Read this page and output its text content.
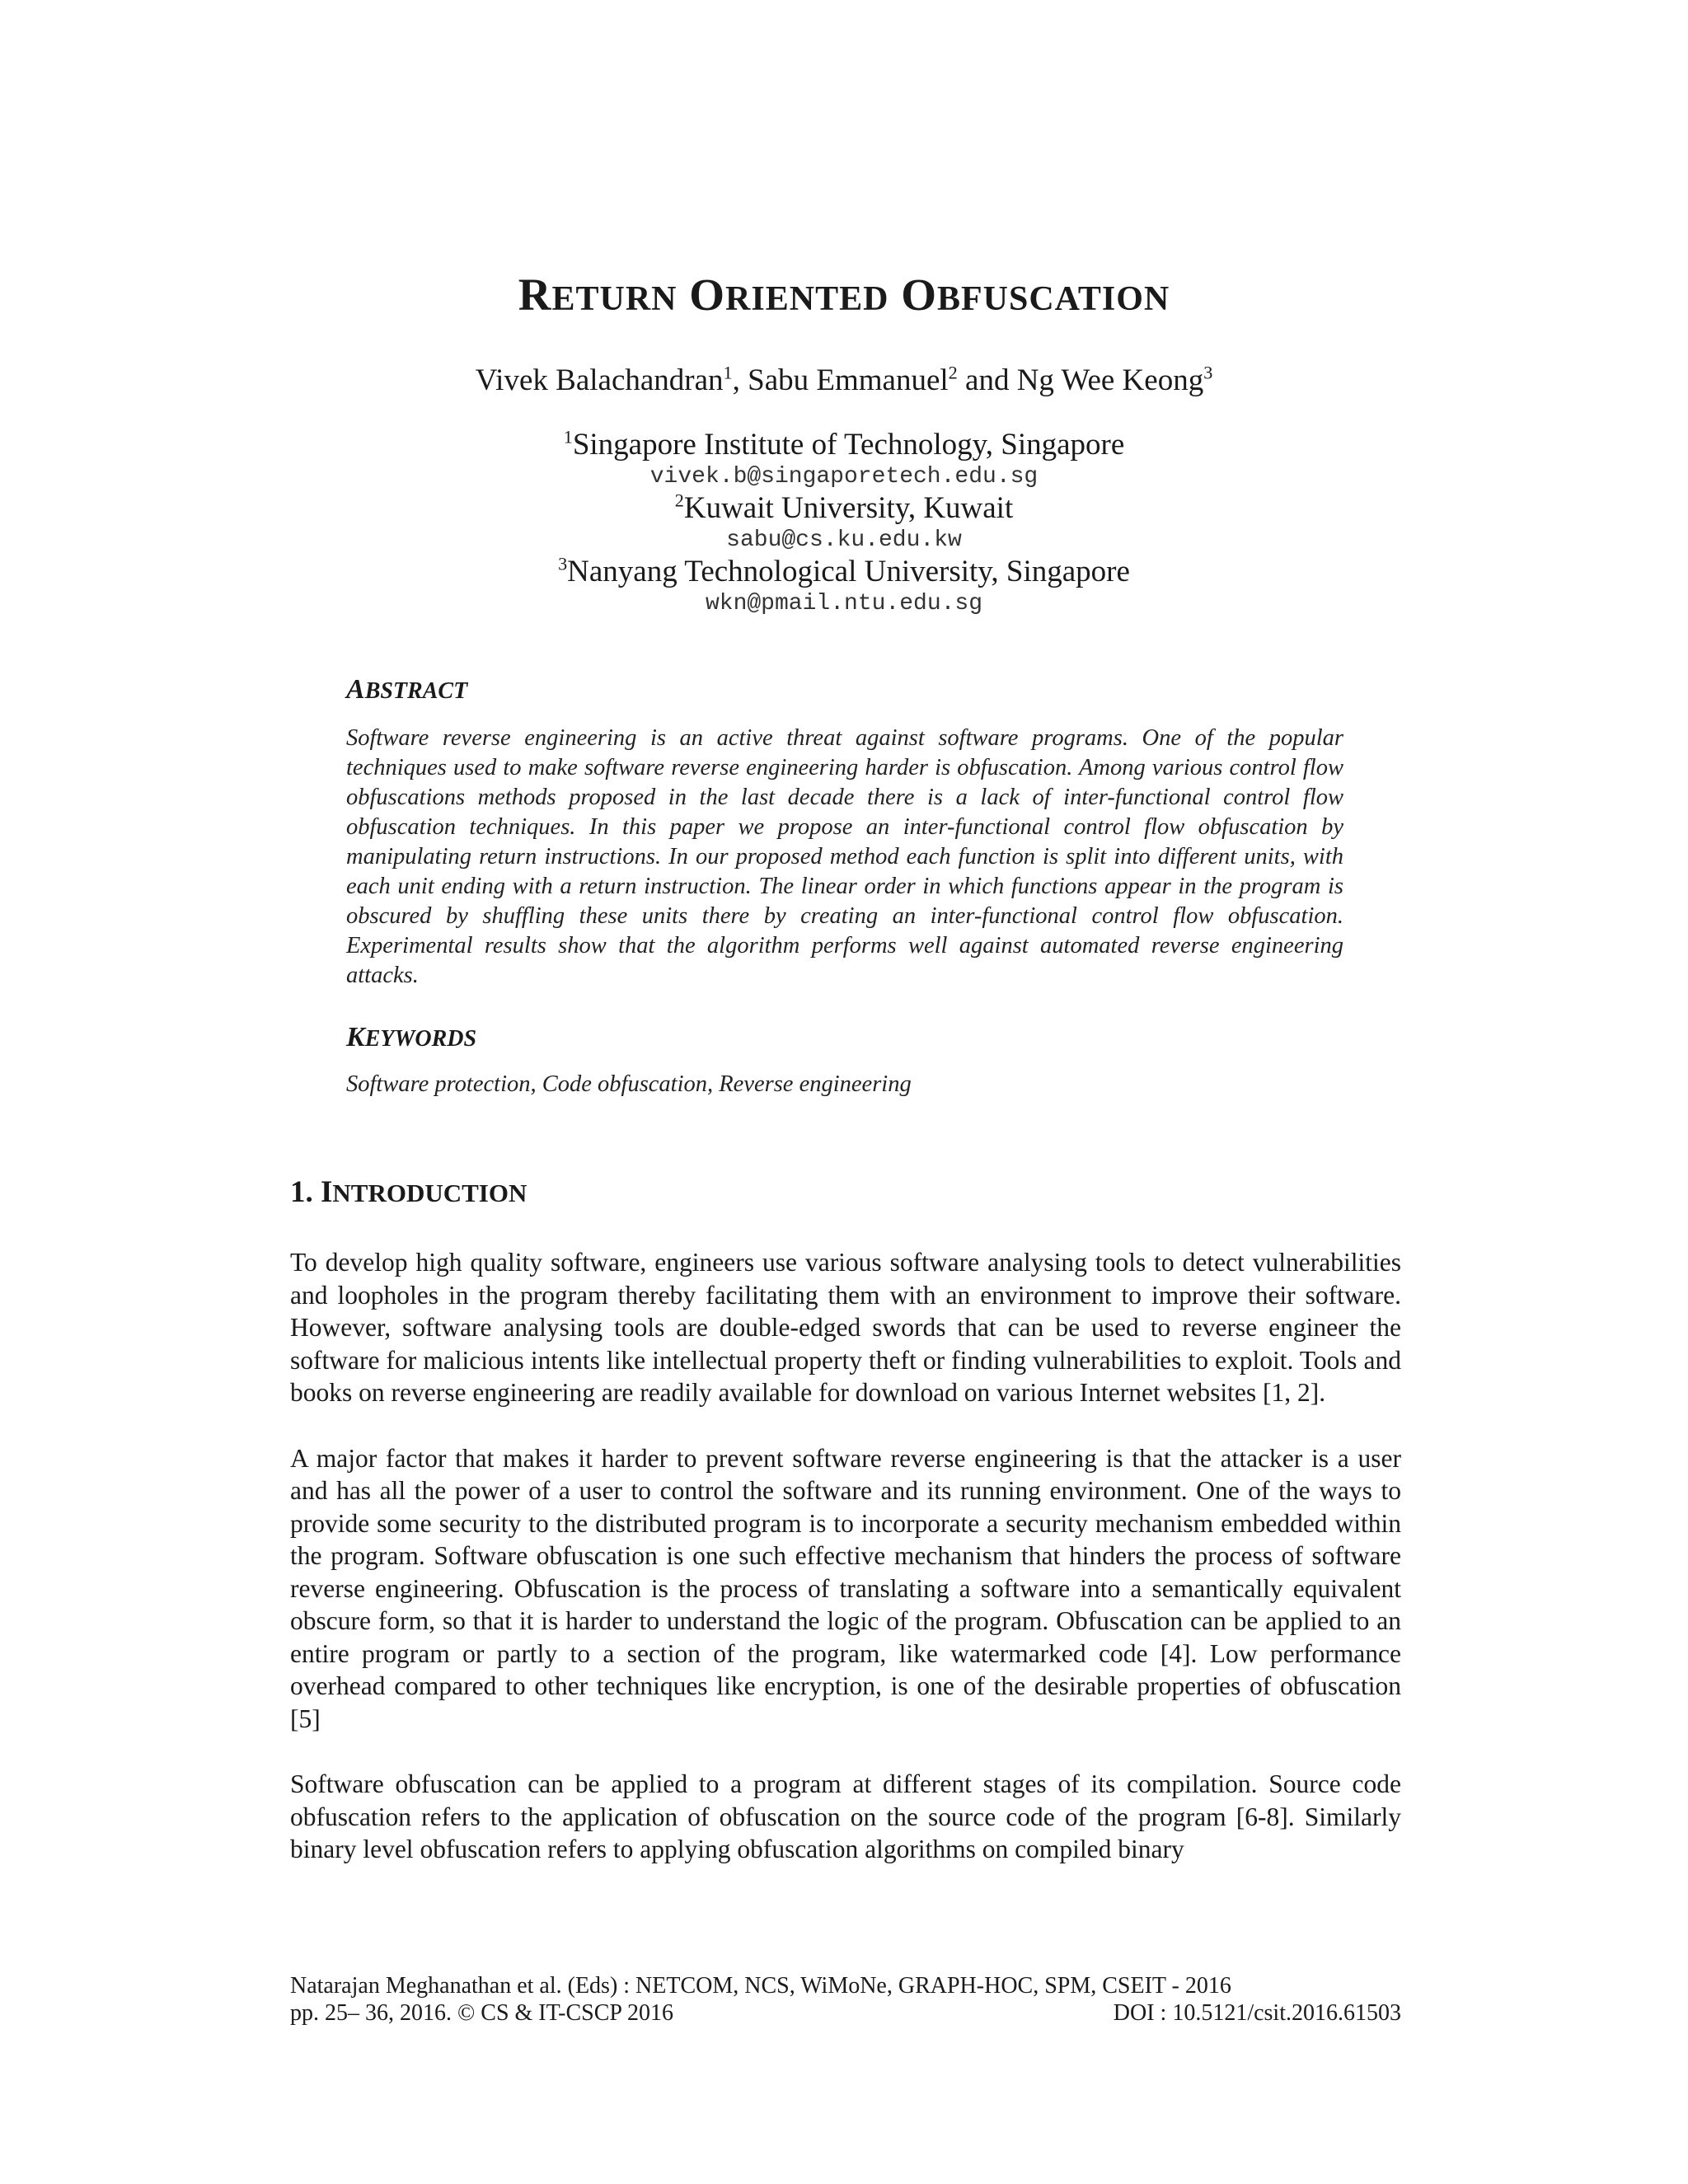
RETURN ORIENTED OBFUSCATION
Vivek Balachandran$^1$, Sabu Emmanuel$^2$ and Ng Wee Keong$^3$
$^1$Singapore Institute of Technology, Singapore
vivek.b@singaporetech.edu.sg
$^2$Kuwait University, Kuwait
sabu@cs.ku.edu.kw
$^3$Nanyang Technological University, Singapore
wkn@pmail.ntu.edu.sg
ABSTRACT
Software reverse engineering is an active threat against software programs. One of the popular techniques used to make software reverse engineering harder is obfuscation. Among various control flow obfuscations methods proposed in the last decade there is a lack of inter-functional control flow obfuscation techniques. In this paper we propose an inter-functional control flow obfuscation by manipulating return instructions. In our proposed method each function is split into different units, with each unit ending with a return instruction. The linear order in which functions appear in the program is obscured by shuffling these units there by creating an inter-functional control flow obfuscation. Experimental results show that the algorithm performs well against automated reverse engineering attacks.
KEYWORDS
Software protection, Code obfuscation, Reverse engineering
1. INTRODUCTION

To develop high quality software, engineers use various software analysing tools to detect vulnerabilities and loopholes in the program thereby facilitating them with an environment to improve their software. However, software analysing tools are double-edged swords that can be used to reverse engineer the software for malicious intents like intellectual property theft or finding vulnerabilities to exploit. Tools and books on reverse engineering are readily available for download on various Internet websites [1, 2].

A major factor that makes it harder to prevent software reverse engineering is that the attacker is a user and has all the power of a user to control the software and its running environment. One of the ways to provide some security to the distributed program is to incorporate a security mechanism embedded within the program. Software obfuscation is one such effective mechanism that hinders the process of software reverse engineering. Obfuscation is the process of translating a software into a semantically equivalent obscure form, so that it is harder to understand the logic of the program. Obfuscation can be applied to an entire program or partly to a section of the program, like watermarked code [4]. Low performance overhead compared to other techniques like encryption, is one of the desirable properties of obfuscation [5]

Software obfuscation can be applied to a program at different stages of its compilation. Source code obfuscation refers to the application of obfuscation on the source code of the program [6-8]. Similarly binary level obfuscation refers to applying obfuscation algorithms on compiled binary

Natarajan Meghanathan et al. (Eds) : NETCOM, NCS, WiMoNe, GRAPH-HOC, SPM, CSEIT - 2016
pp. 25– 36, 2016. © CS & IT-CSCP 2016	DOI : 10.5121/csit.2016.61503
